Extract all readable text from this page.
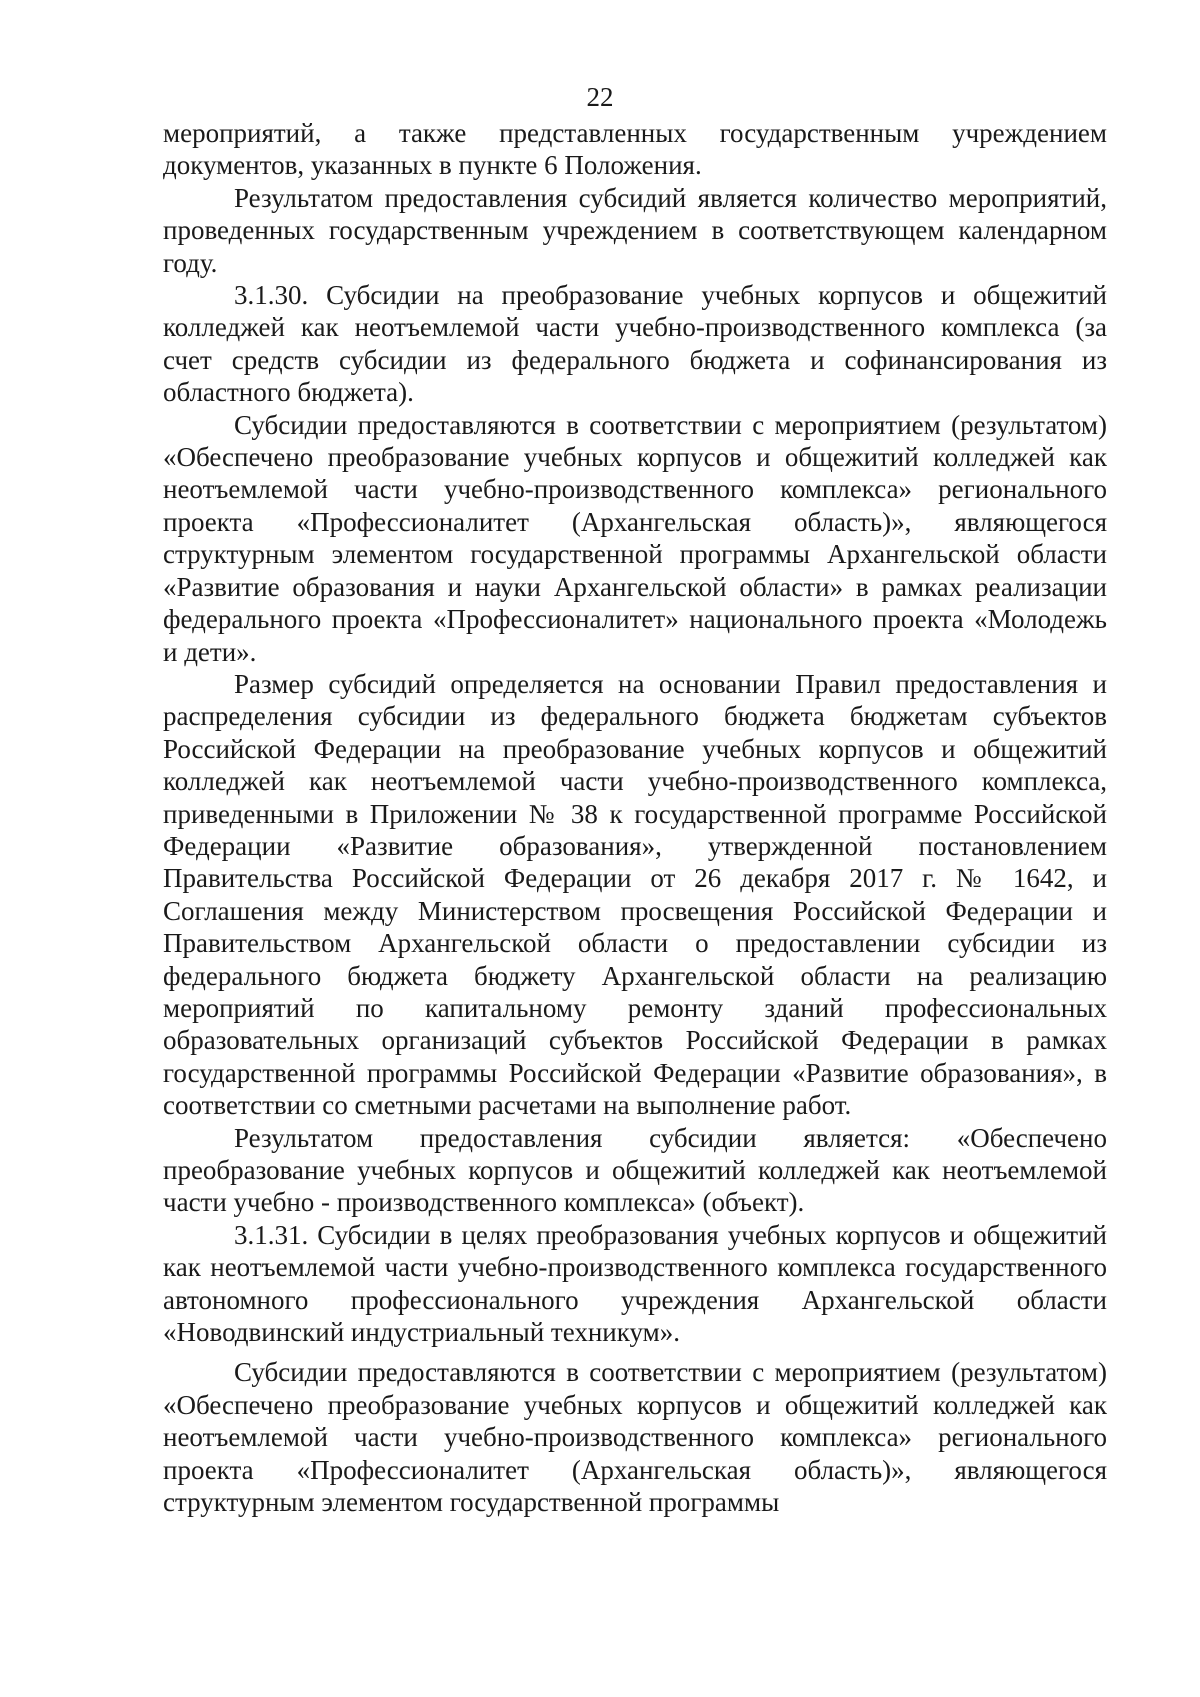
22

мероприятий, а также представленных государственным учреждением документов, указанных в пункте 6 Положения.

Результатом предоставления субсидий является количество мероприятий, проведенных государственным учреждением в соответствующем календарном году.

3.1.30. Субсидии на преобразование учебных корпусов и общежитий колледжей как неотъемлемой части учебно-производственного комплекса (за счет средств субсидии из федерального бюджета и софинансирования из областного бюджета).

Субсидии предоставляются в соответствии с мероприятием (результатом) «Обеспечено преобразование учебных корпусов и общежитий колледжей как неотъемлемой части учебно-производственного комплекса» регионального проекта «Профессионалитет (Архангельская область)», являющегося структурным элементом государственной программы Архангельской области «Развитие образования и науки Архангельской области» в рамках реализации федерального проекта «Профессионалитет» национального проекта «Молодежь и дети».

Размер субсидий определяется на основании Правил предоставления и распределения субсидии из федерального бюджета бюджетам субъектов Российской Федерации на преобразование учебных корпусов и общежитий колледжей как неотъемлемой части учебно-производственного комплекса, приведенными в Приложении № 38 к государственной программе Российской Федерации «Развитие образования», утвержденной постановлением Правительства Российской Федерации от 26 декабря 2017 г. № 1642, и Соглашения между Министерством просвещения Российской Федерации и Правительством Архангельской области о предоставлении субсидии из федерального бюджета бюджету Архангельской области на реализацию мероприятий по капитальному ремонту зданий профессиональных образовательных организаций субъектов Российской Федерации в рамках государственной программы Российской Федерации «Развитие образования», в соответствии со сметными расчетами на выполнение работ.

Результатом предоставления субсидии является: «Обеспечено преобразование учебных корпусов и общежитий колледжей как неотъемлемой части учебно - производственного комплекса» (объект).

3.1.31. Субсидии в целях преобразования учебных корпусов и общежитий как неотъемлемой части учебно-производственного комплекса государственного автономного профессионального учреждения Архангельской области «Новодвинский индустриальный техникум».

Субсидии предоставляются в соответствии с мероприятием (результатом) «Обеспечено преобразование учебных корпусов и общежитий колледжей как неотъемлемой части учебно-производственного комплекса» регионального проекта «Профессионалитет (Архангельская область)», являющегося структурным элементом государственной программы
